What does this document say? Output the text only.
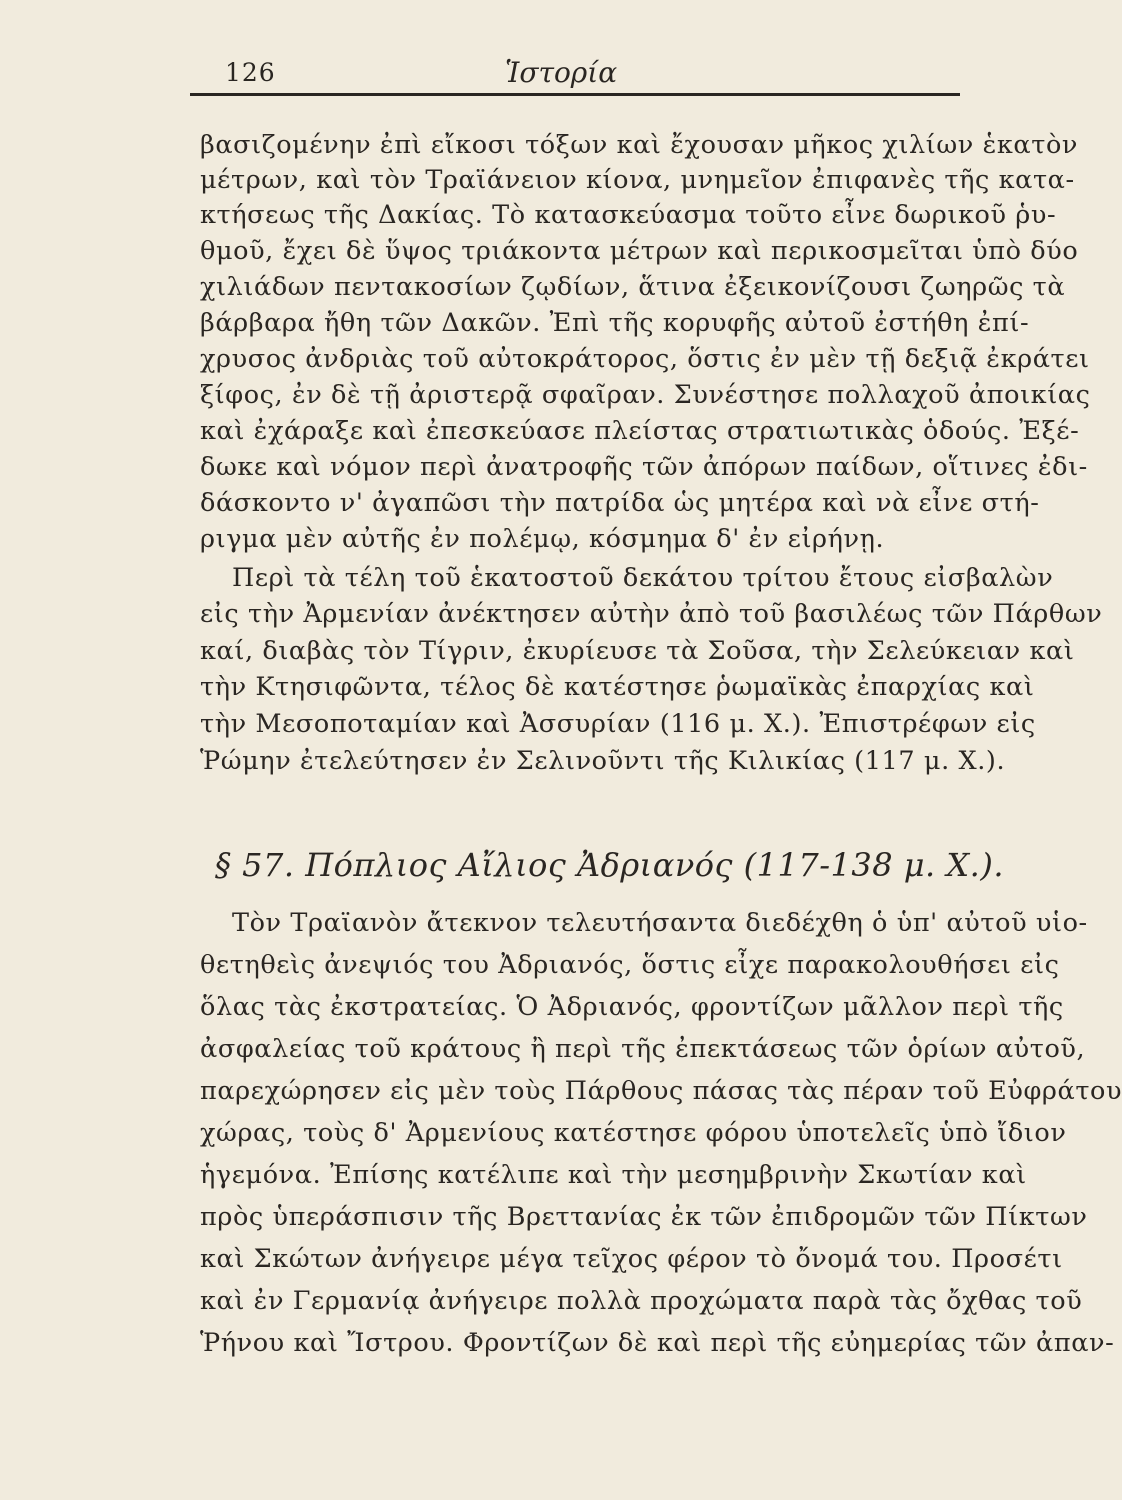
126	Ἱστορία
βασιζομένην ἐπὶ εἴκοσι τόξων καὶ ἔχουσαν μῆκος χιλίων ἑκατὸν
μέτρων, καὶ τὸν Τραϊάνειον κίονα, μνημεῖον ἐπιφανὲς τῆς κατα-
κτήσεως τῆς Δακίας. Τὸ κατασκεύασμα τοῦτο εἶνε δωρικοῦ ῥυ-
θμοῦ, ἔχει δὲ ὕψος τριάκοντα μέτρων καὶ περικοσμεῖται ὑπὸ δύο
χιλιάδων πεντακοσίων ζῳδίων, ἅτινα ἐξεικονίζουσι ζωηρῶς τὰ
βάρβαρα ἤθη τῶν Δακῶν. Ἐπὶ τῆς κορυφῆς αὐτοῦ ἐστήθη ἐπί-
χρυσος ἀνδριὰς τοῦ αὐτοκράτορος, ὅστις ἐν μὲν τῇ δεξιᾷ ἐκράτει
ξίφος, ἐν δὲ τῇ ἀριστερᾷ σφαῖραν. Συνέστησε πολλαχοῦ ἀποικίας
καὶ ἐχάραξε καὶ ἐπεσκεύασε πλείστας στρατιωτικὰς ὁδούς. Ἐξέ-
δωκε καὶ νόμον περὶ ἀνατροφῆς τῶν ἀπόρων παίδων, οἵτινες ἐδι-
δάσκοντο ν' ἀγαπῶσι τὴν πατρίδα ὡς μητέρα καὶ νὰ εἶνε στή-
ριγμα μὲν αὐτῆς ἐν πολέμῳ, κόσμημα δ' ἐν εἰρήνῃ.
Περὶ τὰ τέλη τοῦ ἑκατοστοῦ δεκάτου τρίτου ἔτους εἰσβαλὼν
εἰς τὴν Ἀρμενίαν ἀνέκτησεν αὐτὴν ἀπὸ τοῦ βασιλέως τῶν Πάρθων
καί, διαβὰς τὸν Τίγριν, ἐκυρίευσε τὰ Σοῦσα, τὴν Σελεύκειαν καὶ
τὴν Κτησιφῶντα, τέλος δὲ κατέστησε ῥωμαϊκὰς ἐπαρχίας καὶ
τὴν Μεσοποταμίαν καὶ Ἀσσυρίαν (116 μ. Χ.). Ἐπιστρέφων εἰς
Ῥώμην ἐτελεύτησεν ἐν Σελινοῦντι τῆς Κιλικίας (117 μ. Χ.).
§ 57. Πόπλιος Αἴλιος Ἀδριανός (117-138 μ. Χ.).
Τὸν Τραϊανὸν ἄτεκνον τελευτήσαντα διεδέχθη ὁ ὑπ' αὐτοῦ υἱο-
θετηθεὶς ἀνεψιός του Ἀδριανός, ὅστις εἶχε παρακολουθήσει εἰς
ὅλας τὰς ἐκστρατείας. Ὁ Ἀδριανός, φροντίζων μᾶλλον περὶ τῆς
ἀσφαλείας τοῦ κράτους ἢ περὶ τῆς ἐπεκτάσεως τῶν ὁρίων αὐτοῦ,
παρεχώρησεν εἰς μὲν τοὺς Πάρθους πάσας τὰς πέραν τοῦ Εὐφράτου
χώρας, τοὺς δ' Ἀρμενίους κατέστησε φόρου ὑποτελεῖς ὑπὸ ἴδιον
ἡγεμόνα. Ἐπίσης κατέλιπε καὶ τὴν μεσημβρινὴν Σκωτίαν καὶ
πρὸς ὑπεράσπισιν τῆς Βρεττανίας ἐκ τῶν ἐπιδρομῶν τῶν Πίκτων
καὶ Σκώτων ἀνήγειρε μέγα τεῖχος φέρον τὸ ὄνομά του. Προσέτι
καὶ ἐν Γερμανίᾳ ἀνήγειρε πολλὰ προχώματα παρὰ τὰς ὄχθας τοῦ
Ῥήνου καὶ Ἴστρου. Φροντίζων δὲ καὶ περὶ τῆς εὐημερίας τῶν ἀπαν-
